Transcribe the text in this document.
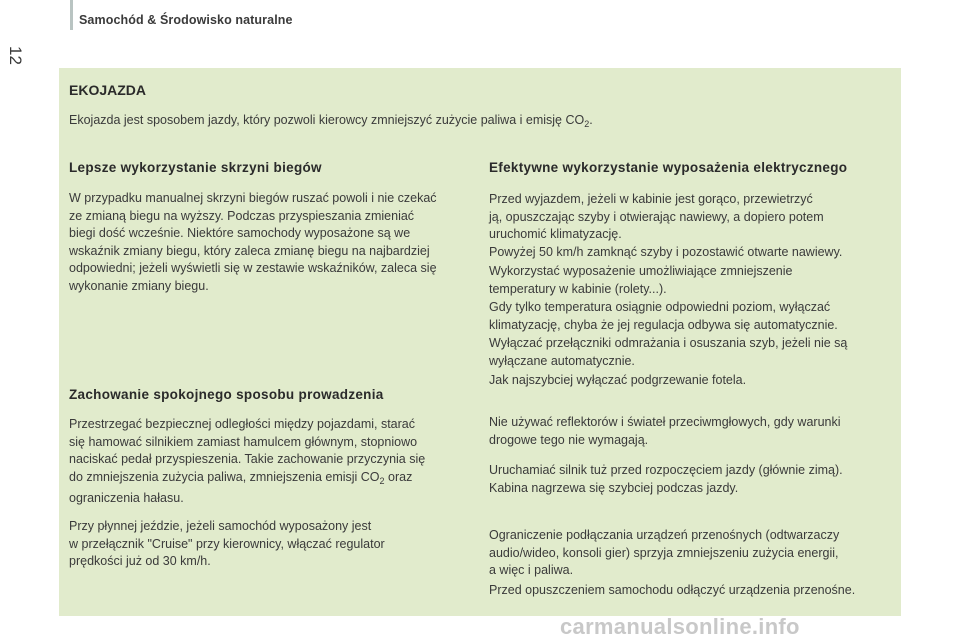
Samochód & Środowisko naturalne
12
EKOJAZDA
Ekojazda jest sposobem jazdy, który pozwoli kierowcy zmniejszyć zużycie paliwa i emisję $CO_2$.
Lepsze wykorzystanie skrzyni biegów

W przypadku manualnej skrzyni biegów ruszać powoli i nie czekać
ze zmianą biegu na wyższy. Podczas przyspieszania zmieniać
biegi dość wcześnie. Niektóre samochody wyposażone są we
wskaźnik zmiany biegu, który zaleca zmianę biegu na najbardziej
odpowiedni; jeżeli wyświetli się w zestawie wskaźników, zaleca się
wykonanie zmiany biegu.

Zachowanie spokojnego sposobu prowadzenia

Przestrzegać bezpiecznej odległości między pojazdami, starać
się hamować silnikiem zamiast hamulcem głównym, stopniowo
naciskać pedał przyspieszenia. Takie zachowanie przyczynia się
do zmniejszenia zużycia paliwa, zmniejszenia emisji $CO_2$ oraz
ograniczenia hałasu.

Przy płynnej jeździe, jeżeli samochód wyposażony jest
w przełącznik "Cruise" przy kierownicy, włączać regulator
prędkości już od 30 km/h.

Efektywne wykorzystanie wyposażenia elektrycznego

Przed wyjazdem, jeżeli w kabinie jest gorąco, przewietrzyć
ją, opuszczając szyby i otwierając nawiewy, a dopiero potem
uruchomić klimatyzację.

Powyżej 50 km/h zamknąć szyby i pozostawić otwarte nawiewy.

Wykorzystać wyposażenie umożliwiające zmniejszenie
temperatury w kabinie (rolety...).

Gdy tylko temperatura osiągnie odpowiedni poziom, wyłączać
klimatyzację, chyba że jej regulacja odbywa się automatycznie.

Wyłączać przełączniki odmrażania i osuszania szyb, jeżeli nie są
wyłączane automatycznie.

Jak najszybciej wyłączać podgrzewanie fotela.

Nie używać reflektorów i świateł przeciwmgłowych, gdy warunki
drogowe tego nie wymagają.

Uruchamiać silnik tuż przed rozpoczęciem jazdy (głównie zimą).
Kabina nagrzewa się szybciej podczas jazdy.

Ograniczenie podłączania urządzeń przenośnych (odtwarzaczy
audio/wideo, konsoli gier) sprzyja zmniejszeniu zużycia energii,
a więc i paliwa.

Przed opuszczeniem samochodu odłączyć urządzenia przenośne.

carmanualsonline.info
